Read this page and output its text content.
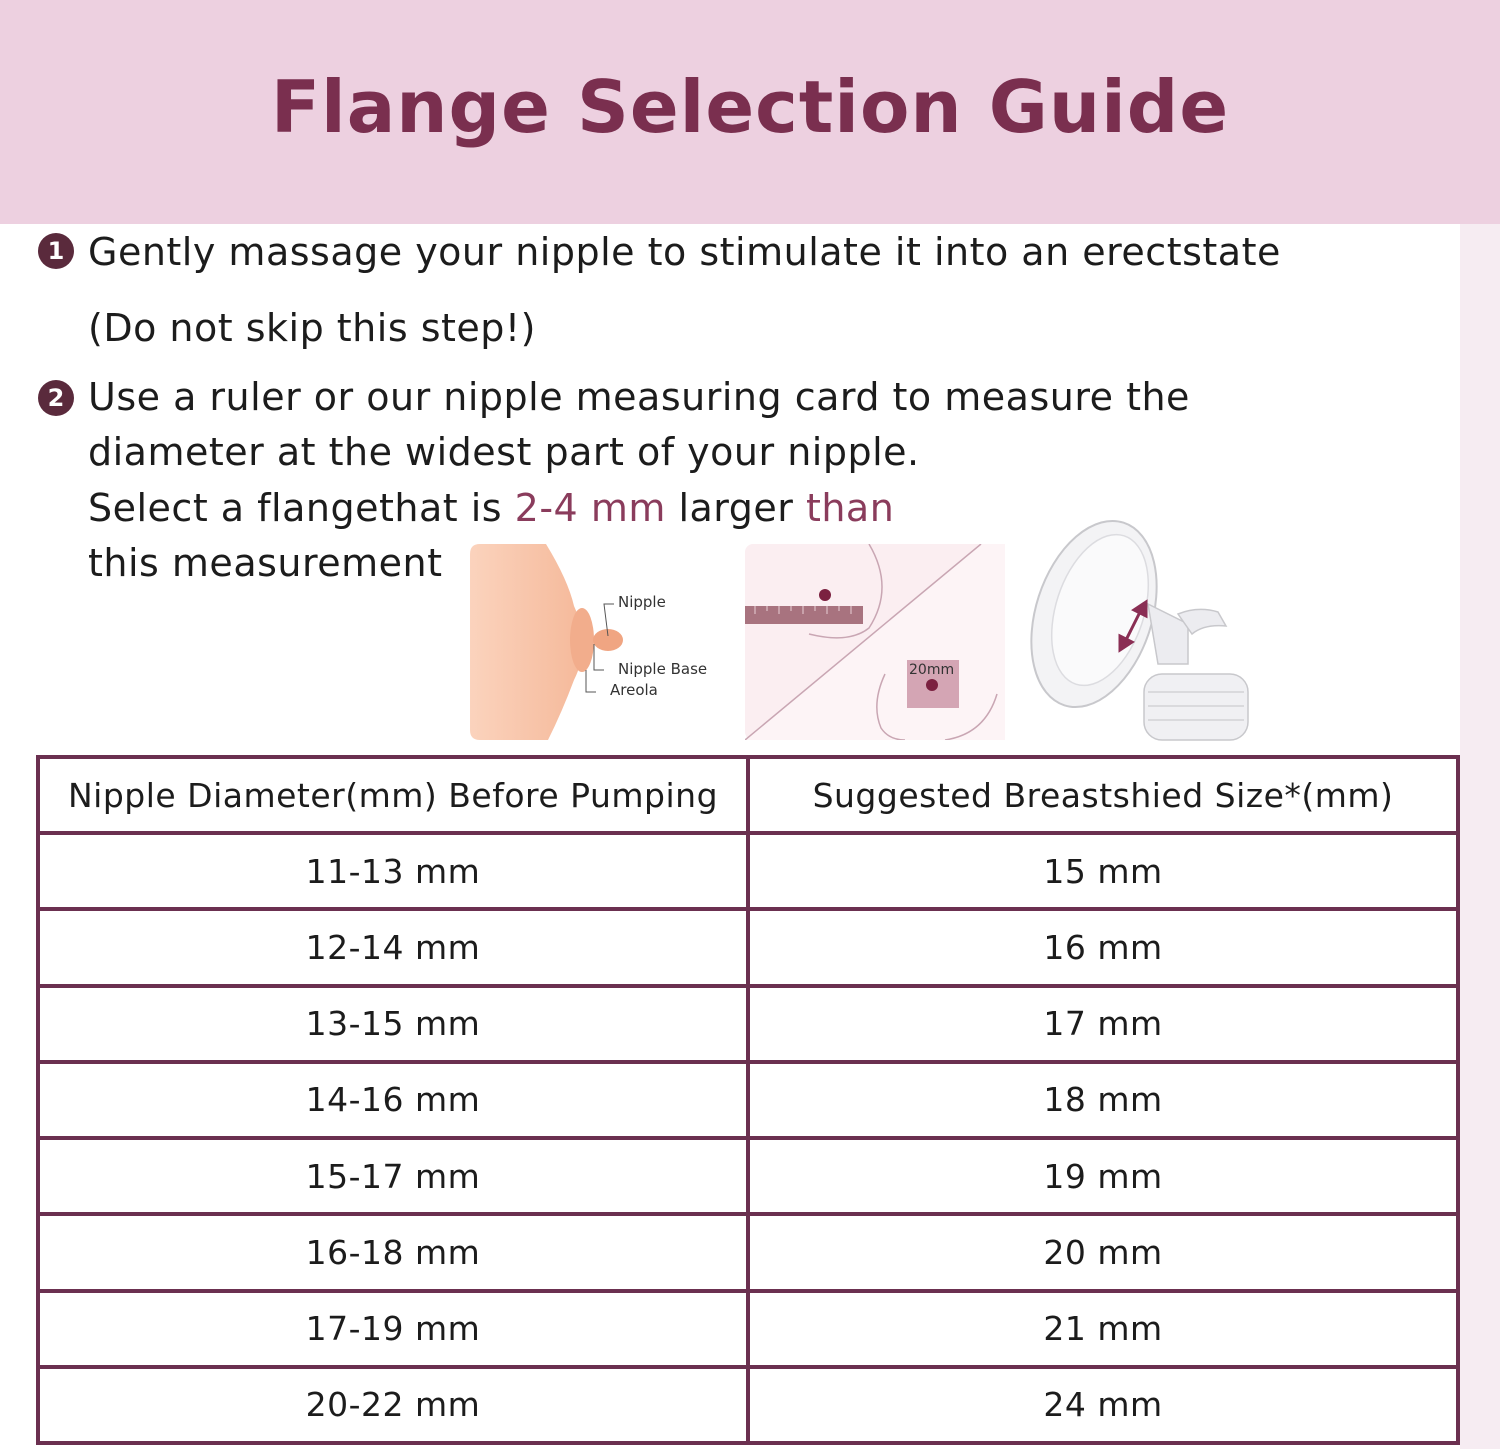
Flange Selection Guide
1 Gently massage your nipple to stimulate it into an erectstate

(Do not skip this step!)

2 Use a ruler or our nipple measuring card to measure the

diameter at the widest part of your nipple.

Select a flangethat is 2-4 mm larger than

this measurement

Nipple
Nipple Base
Areola
20mm
Nipple Diameter(mm) Before Pumping	Suggested Breastshied Size*(mm)
11-13 mm	15 mm
12-14 mm	16 mm
13-15 mm	17 mm
14-16 mm	18 mm
15-17 mm	19 mm
16-18 mm	20 mm
17-19 mm	21 mm
20-22 mm	24 mm
